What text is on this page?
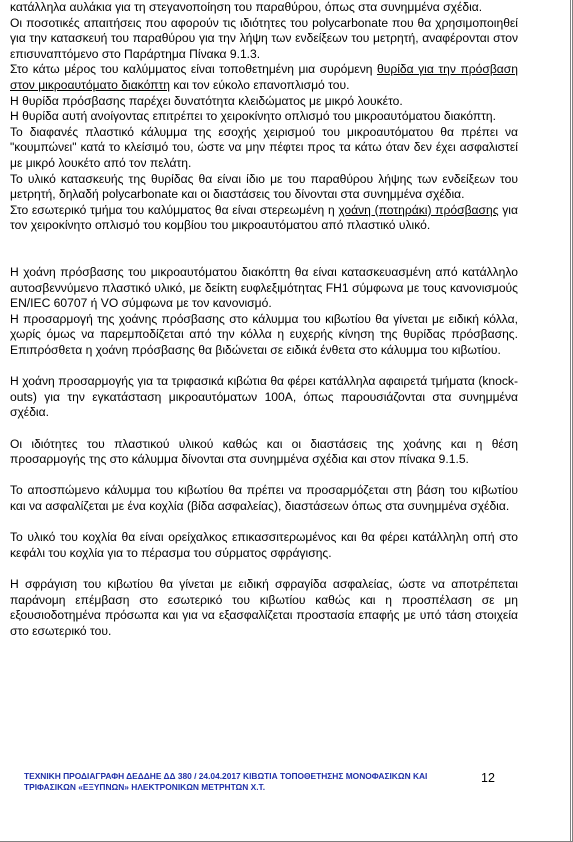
κατάλληλα αυλάκια για τη στεγανοποίηση του παραθύρου, όπως στα συνημμένα σχέδια.

Οι ποσοτικές απαιτήσεις που αφορούν τις ιδιότητες του polycarbonate που θα χρησιμοποιηθεί για την κατασκευή του παραθύρου για την λήψη των ενδείξεων του μετρητή, αναφέρονται στον επισυναπτόμενο στο Παράρτημα Πίνακα 9.1.3.

Στο κάτω μέρος του καλύμματος είναι τοποθετημένη μια συρόμενη θυρίδα για την πρόσβαση στον μικροαυτόματο διακόπτη και τον εύκολο επανοπλισμό του.

Η θυρίδα πρόσβασης παρέχει δυνατότητα κλειδώματος με μικρό λουκέτο.

Η θυρίδα αυτή ανοίγοντας επιτρέπει το χειροκίνητο οπλισμό του μικροαυτόματου διακόπτη.

Το διαφανές πλαστικό κάλυμμα της εσοχής χειρισμού του μικροαυτόματου θα πρέπει να "κουμπώνει" κατά το κλείσιμό του, ώστε να μην πέφτει προς τα κάτω όταν δεν έχει ασφαλιστεί με μικρό λουκέτο από τον πελάτη.

Το υλικό κατασκευής της θυρίδας θα είναι ίδιο με του παραθύρου λήψης των ενδείξεων του μετρητή, δηλαδή polycarbonate και οι διαστάσεις του δίνονται στα συνημμένα σχέδια.

Στο εσωτερικό τμήμα του καλύμματος θα είναι στερεωμένη η χοάνη (ποτηράκι) πρόσβασης για τον χειροκίνητο οπλισμό του κομβίου του μικροαυτόματου από πλαστικό υλικό.

Η χοάνη πρόσβασης του μικροαυτόματου διακόπτη θα είναι κατασκευασμένη από κατάλληλο αυτοσβεννύμενο πλαστικό υλικό, με δείκτη ευφλεξιμότητας FH1 σύμφωνα με τους κανονισμούς EN/IEC 60707 ή VO σύμφωνα με τον κανονισμό.

Η προσαρμογή της χοάνης πρόσβασης στο κάλυμμα του κιβωτίου θα γίνεται με ειδική κόλλα, χωρίς όμως να παρεμποδίζεται από την κόλλα η ευχερής κίνηση της θυρίδας πρόσβασης. Επιπρόσθετα η χοάνη πρόσβασης θα βιδώνεται σε ειδικά ένθετα στο κάλυμμα του κιβωτίου.

Η χοάνη προσαρμογής για τα τριφασικά κιβώτια θα φέρει κατάλληλα αφαιρετά τμήματα (knock-outs) για την εγκατάσταση μικροαυτόματων 100Α, όπως παρουσιάζονται στα συνημμένα σχέδια.

Οι ιδιότητες του πλαστικού υλικού καθώς και οι διαστάσεις της χοάνης και η θέση προσαρμογής της στο κάλυμμα δίνονται στα συνημμένα σχέδια και στον πίνακα 9.1.5.

Το αποσπώμενο κάλυμμα του κιβωτίου θα πρέπει να προσαρμόζεται στη βάση του κιβωτίου και να ασφαλίζεται με ένα κοχλία (βίδα ασφαλείας), διαστάσεων όπως στα συνημμένα σχέδια.

Το υλικό του κοχλία θα είναι ορείχαλκος επικασσιτερωμένος και θα φέρει κατάλληλη οπή στο κεφάλι του κοχλία για το πέρασμα του σύρματος σφράγισης.

Η σφράγιση του κιβωτίου θα γίνεται με ειδική σφραγίδα ασφαλείας, ώστε να αποτρέπεται παράνομη επέμβαση στο εσωτερικό του κιβωτίου καθώς και η προσπέλαση σε μη εξουσιοδοτημένα πρόσωπα και για να εξασφαλίζεται προστασία επαφής με υπό τάση στοιχεία στο εσωτερικό του.

ΤΕΧΝΙΚΗ ΠΡΟΔΙΑΓΡΑΦΗ ΔΕΔΔΗΕ ΔΔ 380 / 24.04.2017 ΚΙΒΩΤΙΑ ΤΟΠΟΘΕΤΗΣΗΣ ΜΟΝΟΦΑΣΙΚΩΝ ΚΑΙ
ΤΡΙΦΑΣΙΚΩΝ «ΕΞΥΠΝΩΝ» ΗΛΕΚΤΡΟΝΙΚΩΝ ΜΕΤΡΗΤΩΝ Χ.Τ.
12
